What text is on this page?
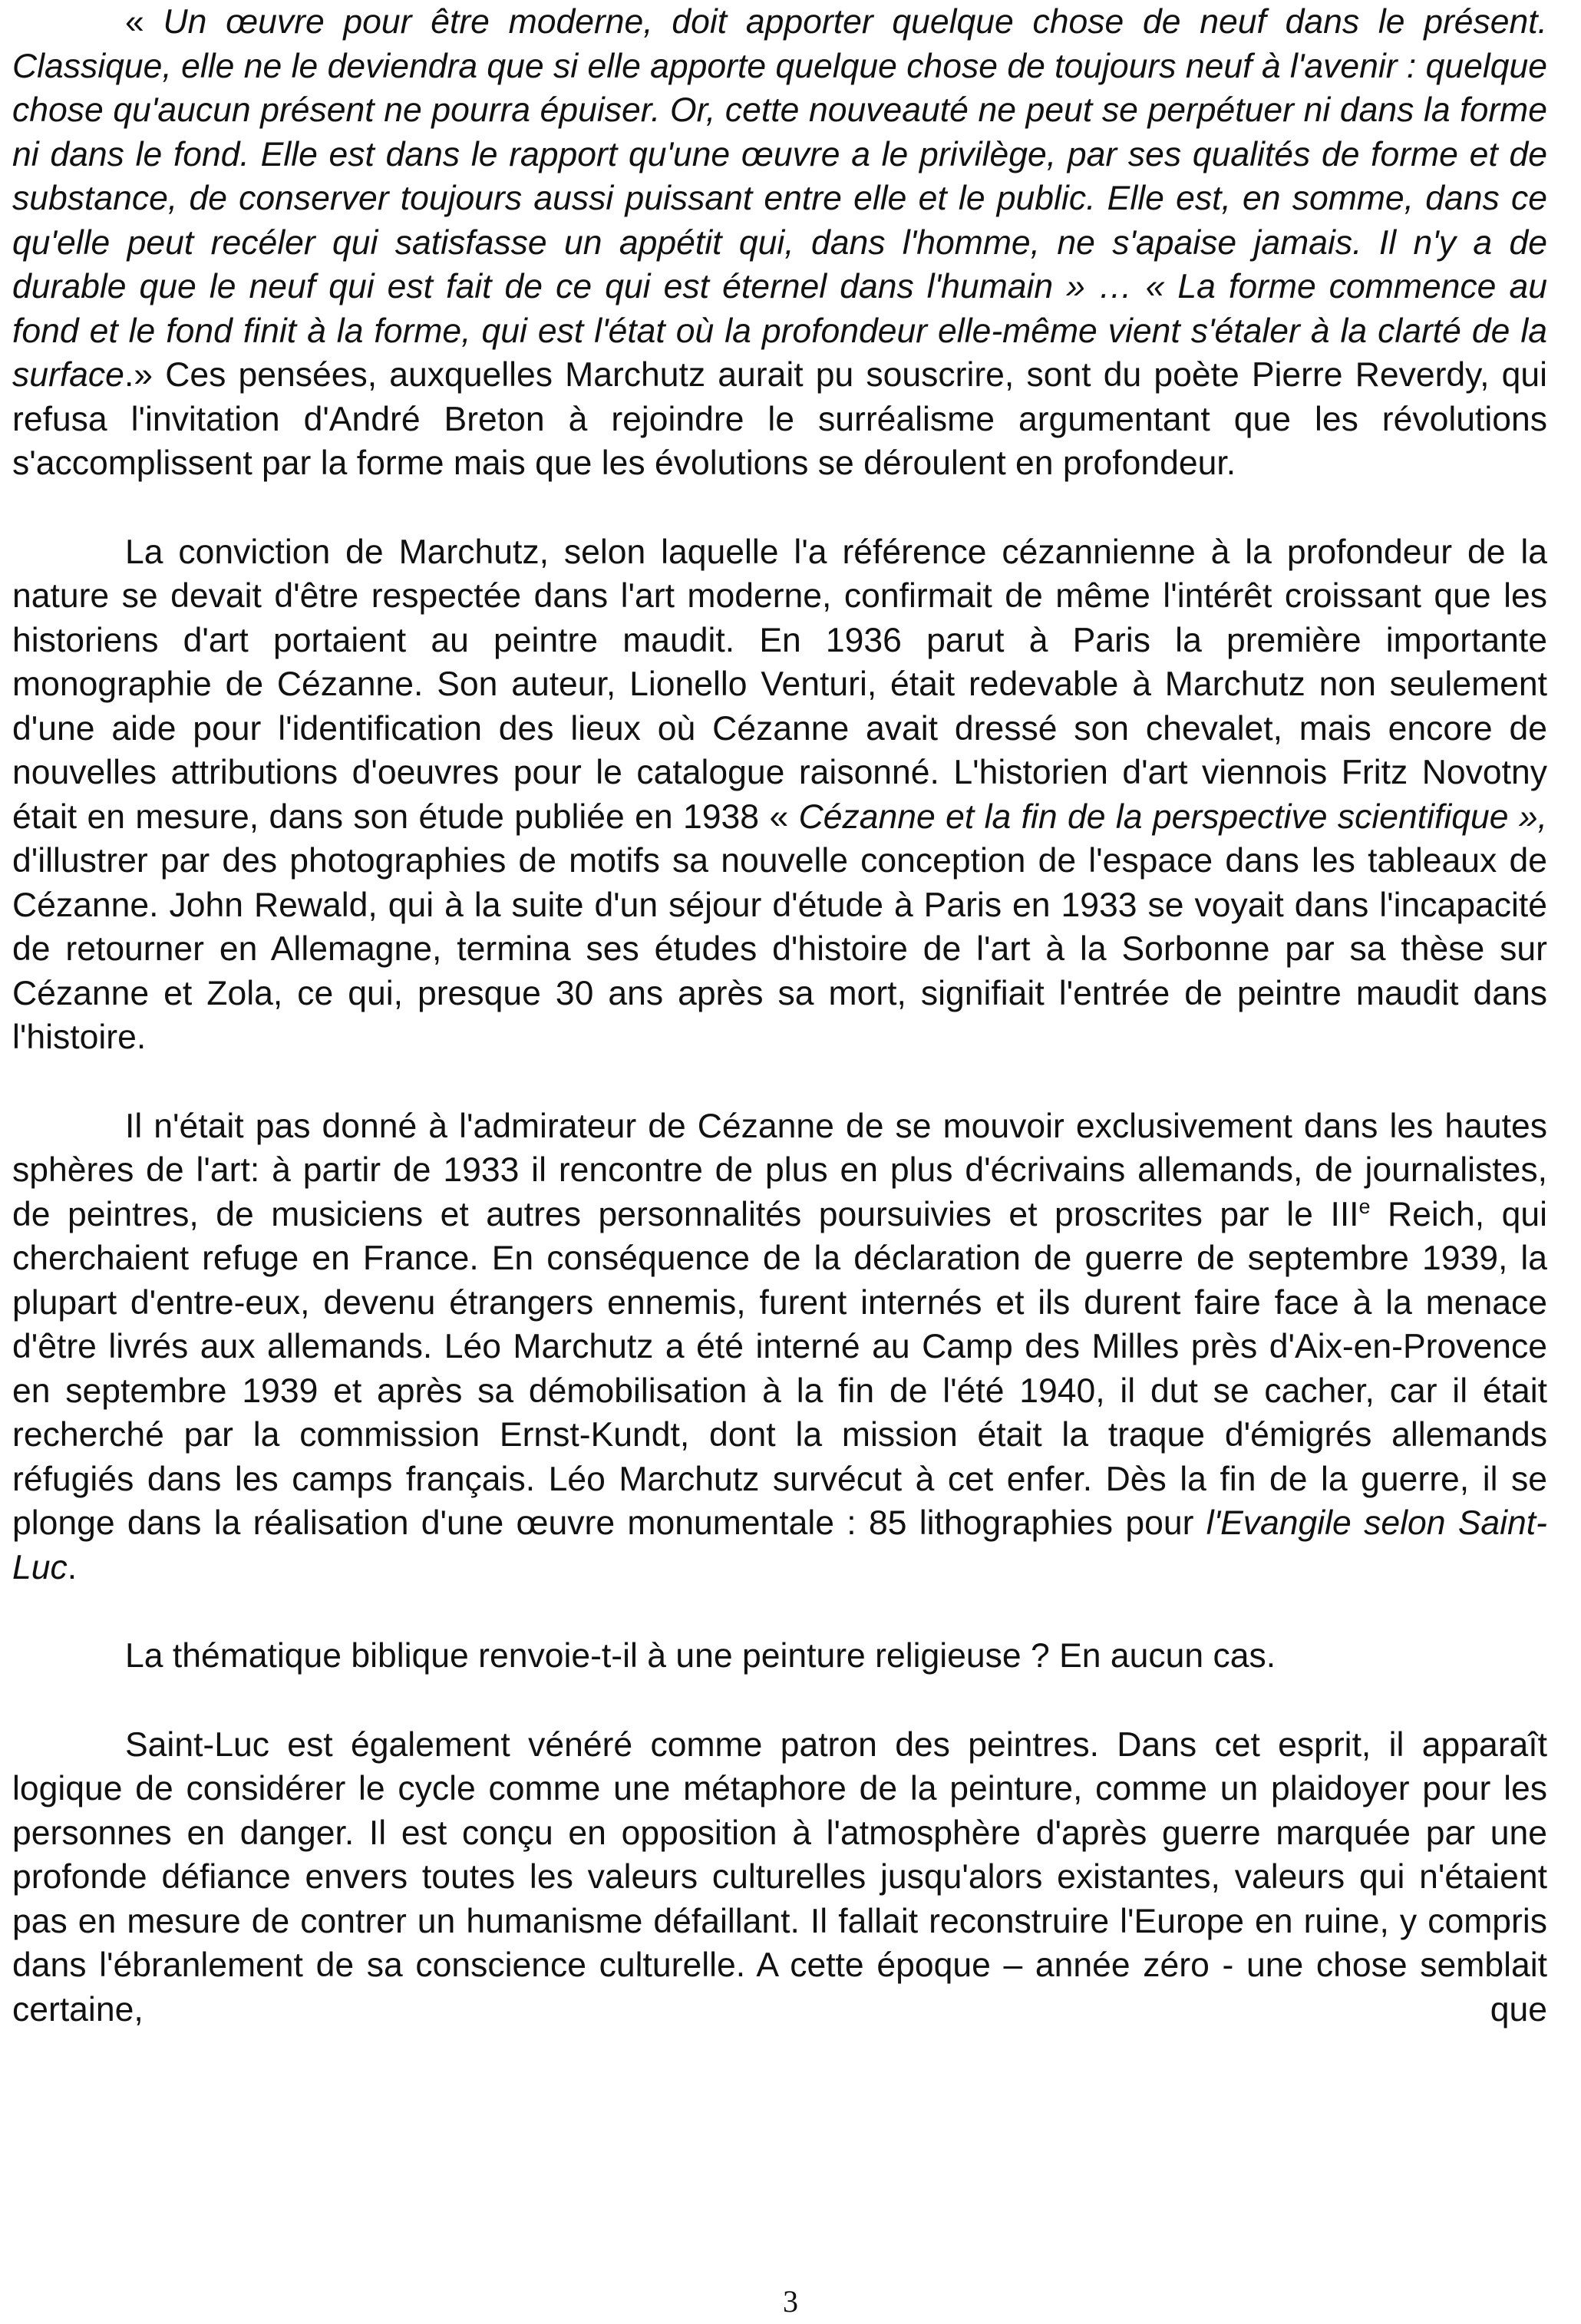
« Un œuvre pour être moderne, doit apporter quelque chose de neuf dans le présent. Classique, elle ne le deviendra que si elle apporte quelque chose de toujours neuf à l'avenir : quelque chose qu'aucun présent ne pourra épuiser. Or, cette nouveauté ne peut se perpétuer ni dans la forme ni dans le fond. Elle est dans le rapport qu'une œuvre a le privilège, par ses qualités de forme et de substance, de conserver toujours aussi puissant entre elle et le public. Elle est, en somme, dans ce qu'elle peut recéler qui satisfasse un appétit qui, dans l'homme, ne s'apaise jamais. Il n'y a de durable que le neuf qui est fait de ce qui est éternel dans l'humain » … « La forme commence au fond et le fond finit à la forme, qui est l'état où la profondeur elle-même vient s'étaler à la clarté de la surface.» Ces pensées, auxquelles Marchutz aurait pu souscrire, sont du poète Pierre Reverdy, qui refusa l'invitation d'André Breton à rejoindre le surréalisme argumentant que les révolutions s'accomplissent par la forme mais que les évolutions se déroulent en profondeur.

La conviction de Marchutz, selon laquelle l'a référence cézannienne à la profondeur de la nature se devait d'être respectée dans l'art moderne, confirmait de même l'intérêt croissant que les historiens d'art portaient au peintre maudit. En 1936 parut à Paris la première importante monographie de Cézanne. Son auteur, Lionello Venturi, était redevable à Marchutz non seulement d'une aide pour l'identification des lieux où Cézanne avait dressé son chevalet, mais encore de nouvelles attributions d'oeuvres pour le catalogue raisonné. L'historien d'art viennois Fritz Novotny était en mesure, dans son étude publiée en 1938 « Cézanne et la fin de la perspective scientifique », d'illustrer par des photographies de motifs sa nouvelle conception de l'espace dans les tableaux de Cézanne. John Rewald, qui à la suite d'un séjour d'étude à Paris en 1933 se voyait dans l'incapacité de retourner en Allemagne, termina ses études d'histoire de l'art à la Sorbonne par sa thèse sur Cézanne et Zola, ce qui, presque 30 ans après sa mort, signifiait l'entrée de peintre maudit dans l'histoire.

Il n'était pas donné à l'admirateur de Cézanne de se mouvoir exclusivement dans les hautes sphères de l'art: à partir de 1933 il rencontre de plus en plus d'écrivains allemands, de journalistes, de peintres, de musiciens et autres personnalités poursuivies et proscrites par le IIIe Reich, qui cherchaient refuge en France. En conséquence de la déclaration de guerre de septembre 1939, la plupart d'entre-eux, devenu étrangers ennemis, furent internés et ils durent faire face à la menace d'être livrés aux allemands. Léo Marchutz a été interné au Camp des Milles près d'Aix-en-Provence en septembre 1939 et après sa démobilisation à la fin de l'été 1940, il dut se cacher, car il était recherché par la commission Ernst-Kundt, dont la mission était la traque d'émigrés allemands réfugiés dans les camps français. Léo Marchutz survécut à cet enfer. Dès la fin de la guerre, il se plonge dans la réalisation d'une œuvre monumentale : 85 lithographies pour l'Evangile selon Saint-Luc.

La thématique biblique renvoie-t-il à une peinture religieuse ? En aucun cas.

Saint-Luc est également vénéré comme patron des peintres. Dans cet esprit, il apparaît logique de considérer le cycle comme une métaphore de la peinture, comme un plaidoyer pour les personnes en danger. Il est conçu en opposition à l'atmosphère d'après guerre marquée par une profonde défiance envers toutes les valeurs culturelles jusqu'alors existantes, valeurs qui n'étaient pas en mesure de contrer un humanisme défaillant. Il fallait reconstruire l'Europe en ruine, y compris dans l'ébranlement de sa conscience culturelle. A cette époque – année zéro - une chose semblait certaine, que

3
